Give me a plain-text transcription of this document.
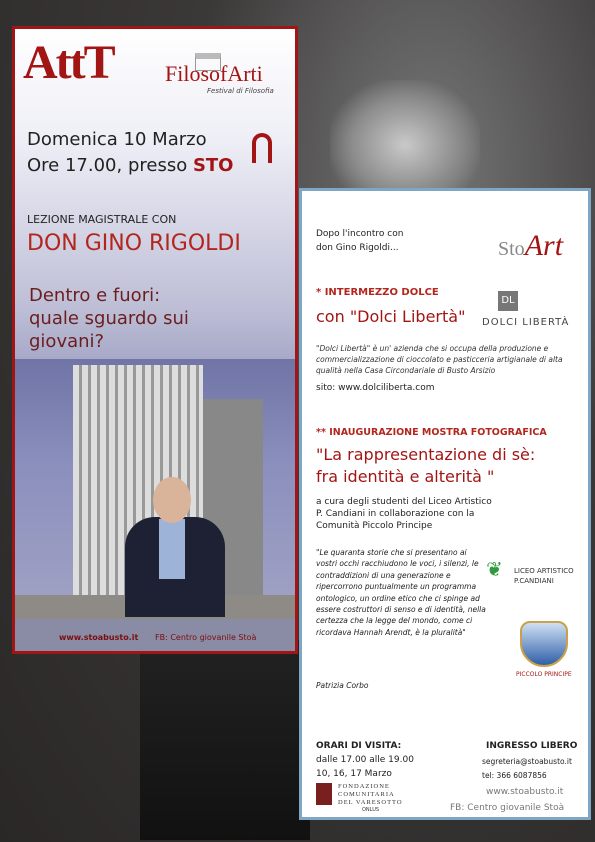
AttT FilosofArti
Festival di Filosofia
Domenica 10 Marzo
Ore 17.00, presso STO
LEZIONE MAGISTRALE CON
DON GINO RIGOLDI
Dentro e fuori:
quale sguardo sui
giovani?
www.stoabusto.it FB: Centro giovanile Stoà
Dopo l'incontro con
don Gino Rigoldi...	StoArt
* INTERMEZZO DOLCE
con "Dolci Libertà"
DL
DOLCI LIBERTÀ
"Dolci Libertà" è un' azienda che si occupa della produzione e commercializzazione di cioccolato e pasticceria artigianale di alta qualità nella Casa Circondariale di Busto Arsizio
sito: www.dolciliberta.com
** INAUGURAZIONE MOSTRA FOTOGRAFICA
"La rappresentazione di sè:
fra identità e alterità "
a cura degli studenti del Liceo Artistico
P. Candiani in collaborazione con la
Comunità Piccolo Principe
"Le quaranta storie che si presentano ai vostri occhi racchiudono le voci, i silenzi, le contraddizioni di una generazione e ripercorrono puntualmente un programma ontologico, un ordine etico che ci spinge ad essere costruttori di senso e di identità, nella certezza che la legge del mondo, come ci ricordava Hannah Arendt, è la pluralità"
Patrizia Corbo
❦	LICEO ARTISTICO
P.CANDIANI
PICCOLO PRINCIPE
ORARI DI VISITA:
dalle 17.00 alle 19.00
10, 16, 17 Marzo
INGRESSO LIBERO
segreteria@stoabusto.it
tel: 366 6087856
FONDAZIONE
COMUNITARIA
DEL VARESOTTO
ONLUS
www.stoabusto.it
FB: Centro giovanile Stoà
